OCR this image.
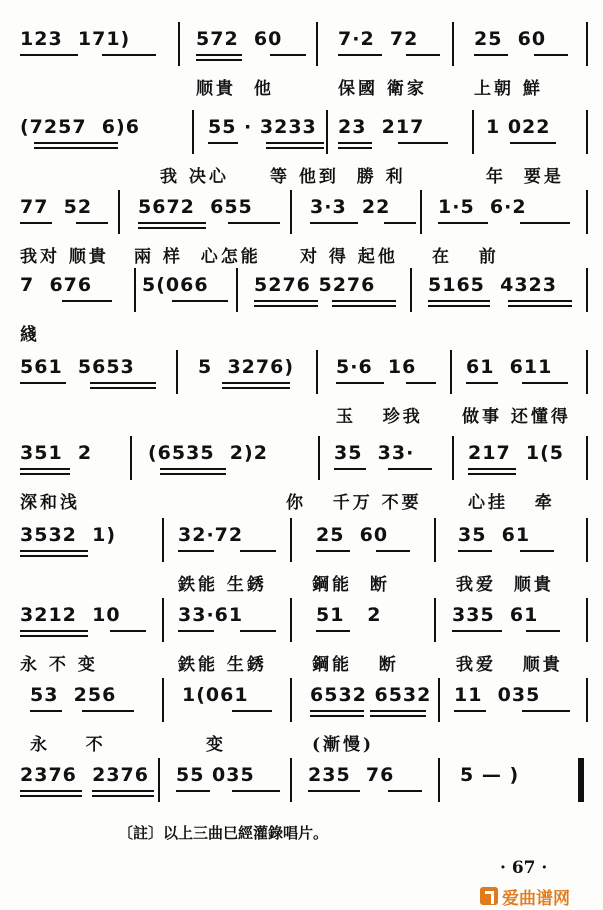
123  171)	572  60	7·2  72	25  60
顺貴  他	保國 衛家	上朝 鮮
(7257  6)6	55 · 3233 23  217	1 022
我 决心 等 他到  勝 利	年  要是
77  52 5672  655	3·3  22	1·5  6·2
我对 顺貴 兩 样  心怎能 对 得 起他 在   前
7  676	5(066 5276 5276	5165  4323
綫
561  5653	5  3276) 5·6  16	61  611
玉   珍我 做事 还懂得
351  2	(6535  2)2	35  33·	217  1(5
深和浅	你   千万 不要	心挂   牵
3532  1)	32·72	25  60	35  61
鉄能 生銹	鋼能  断	我爱  顺貴
3212  10	33·61	51   2	335  61
永 不 变	鉄能 生銹	鋼能   断	我爱   顺貴
53  256	1(061	6532 6532 11  035
永    不	变	(漸慢)
2376  2376 55 035	235  76	5 — )
〔註〕以上三曲巳經灌錄唱片。
· 67 ·
爱曲谱网
